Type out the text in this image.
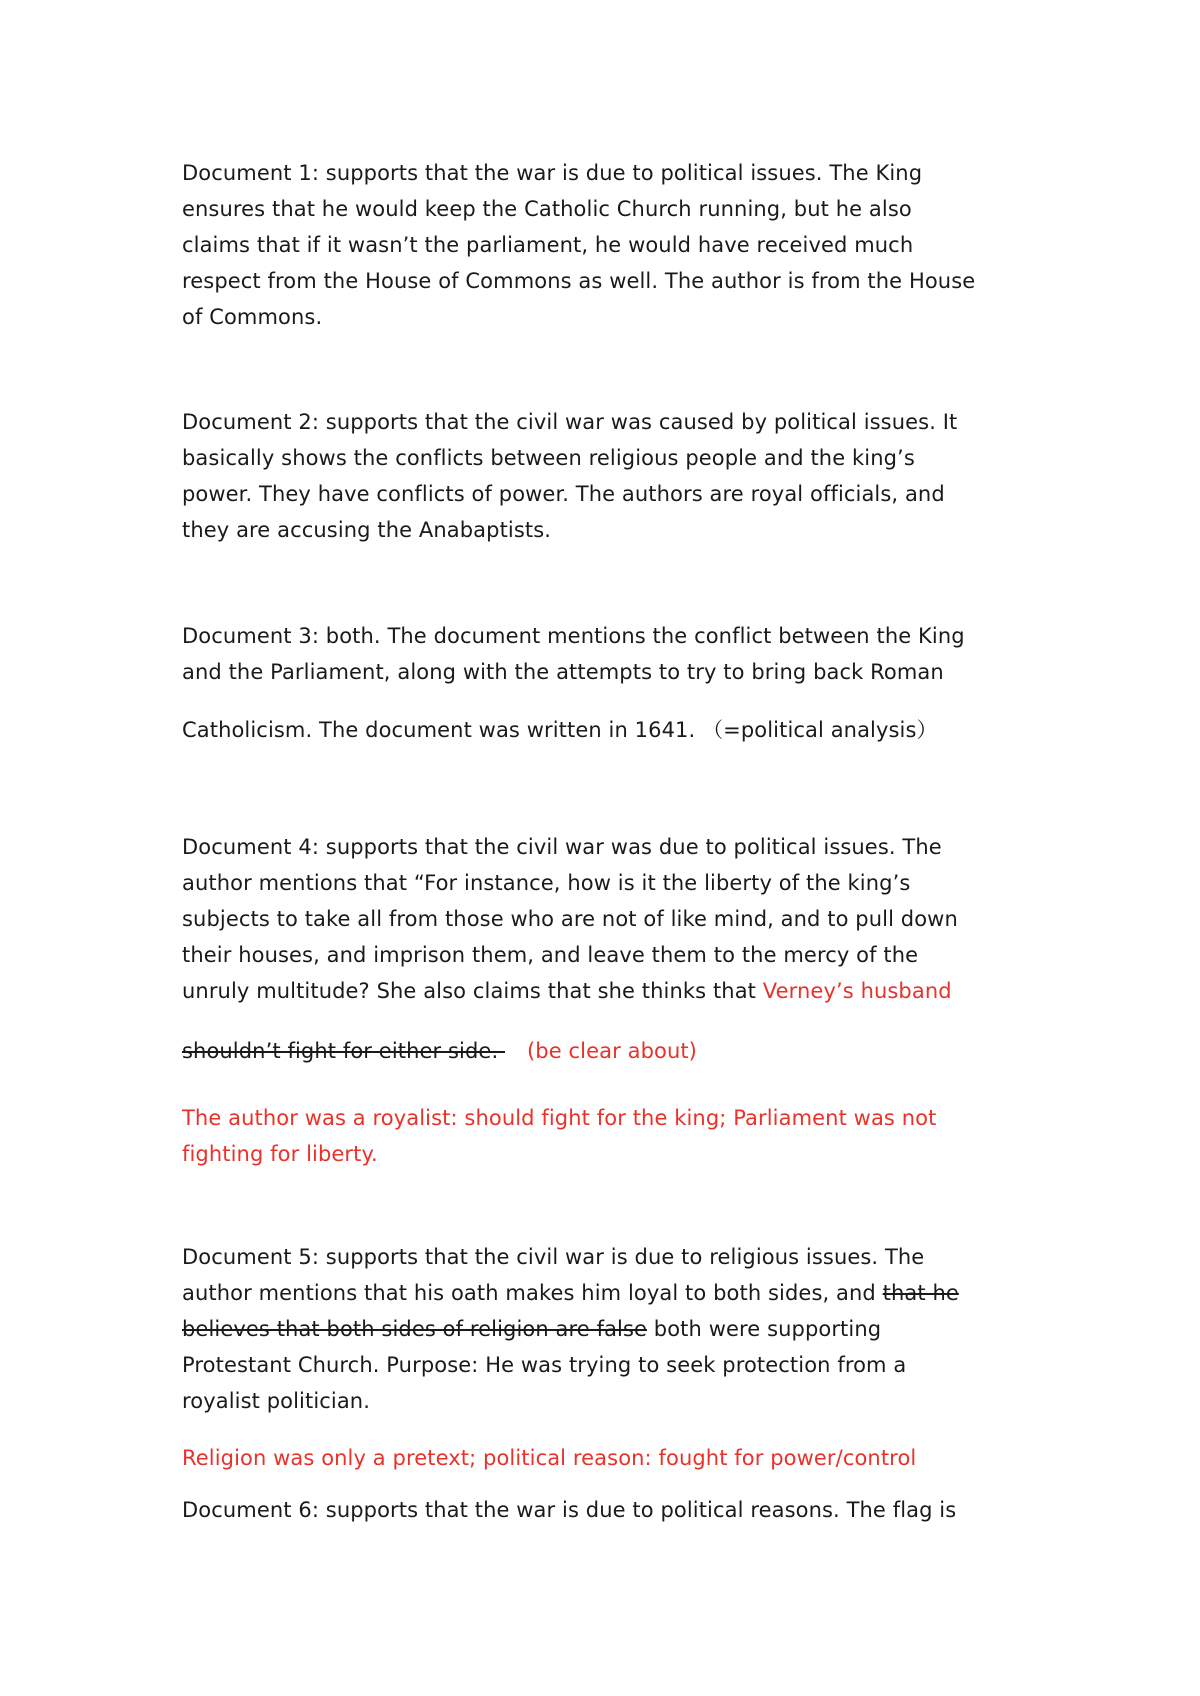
Document 1: supports that the war is due to political issues. The King
ensures that he would keep the Catholic Church running, but he also
claims that if it wasn’t the parliament, he would have received much
respect from the House of Commons as well. The author is from the House
of Commons.
Document 2: supports that the civil war was caused by political issues. It
basically shows the conflicts between religious people and the king’s
power. They have conflicts of power. The authors are royal officials, and
they are accusing the Anabaptists.
Document 3: both. The document mentions the conflict between the King
and the Parliament, along with the attempts to try to bring back Roman
Catholicism. The document was written in 1641. （=political analysis）
Document 4: supports that the civil war was due to political issues. The
author mentions that “For instance, how is it the liberty of the king’s
subjects to take all from those who are not of like mind, and to pull down
their houses, and imprison them, and leave them to the mercy of the
unruly multitude? She also claims that she thinks that Verney’s husband
shouldn’t fight for either side. (be clear about)
The author was a royalist: should fight for the king; Parliament was not
fighting for liberty.
Document 5: supports that the civil war is due to religious issues. The
author mentions that his oath makes him loyal to both sides, and that he
believes that both sides of religion are false both were supporting
Protestant Church. Purpose: He was trying to seek protection from a
royalist politician.
Religion was only a pretext; political reason: fought for power/control
Document 6: supports that the war is due to political reasons. The flag is
